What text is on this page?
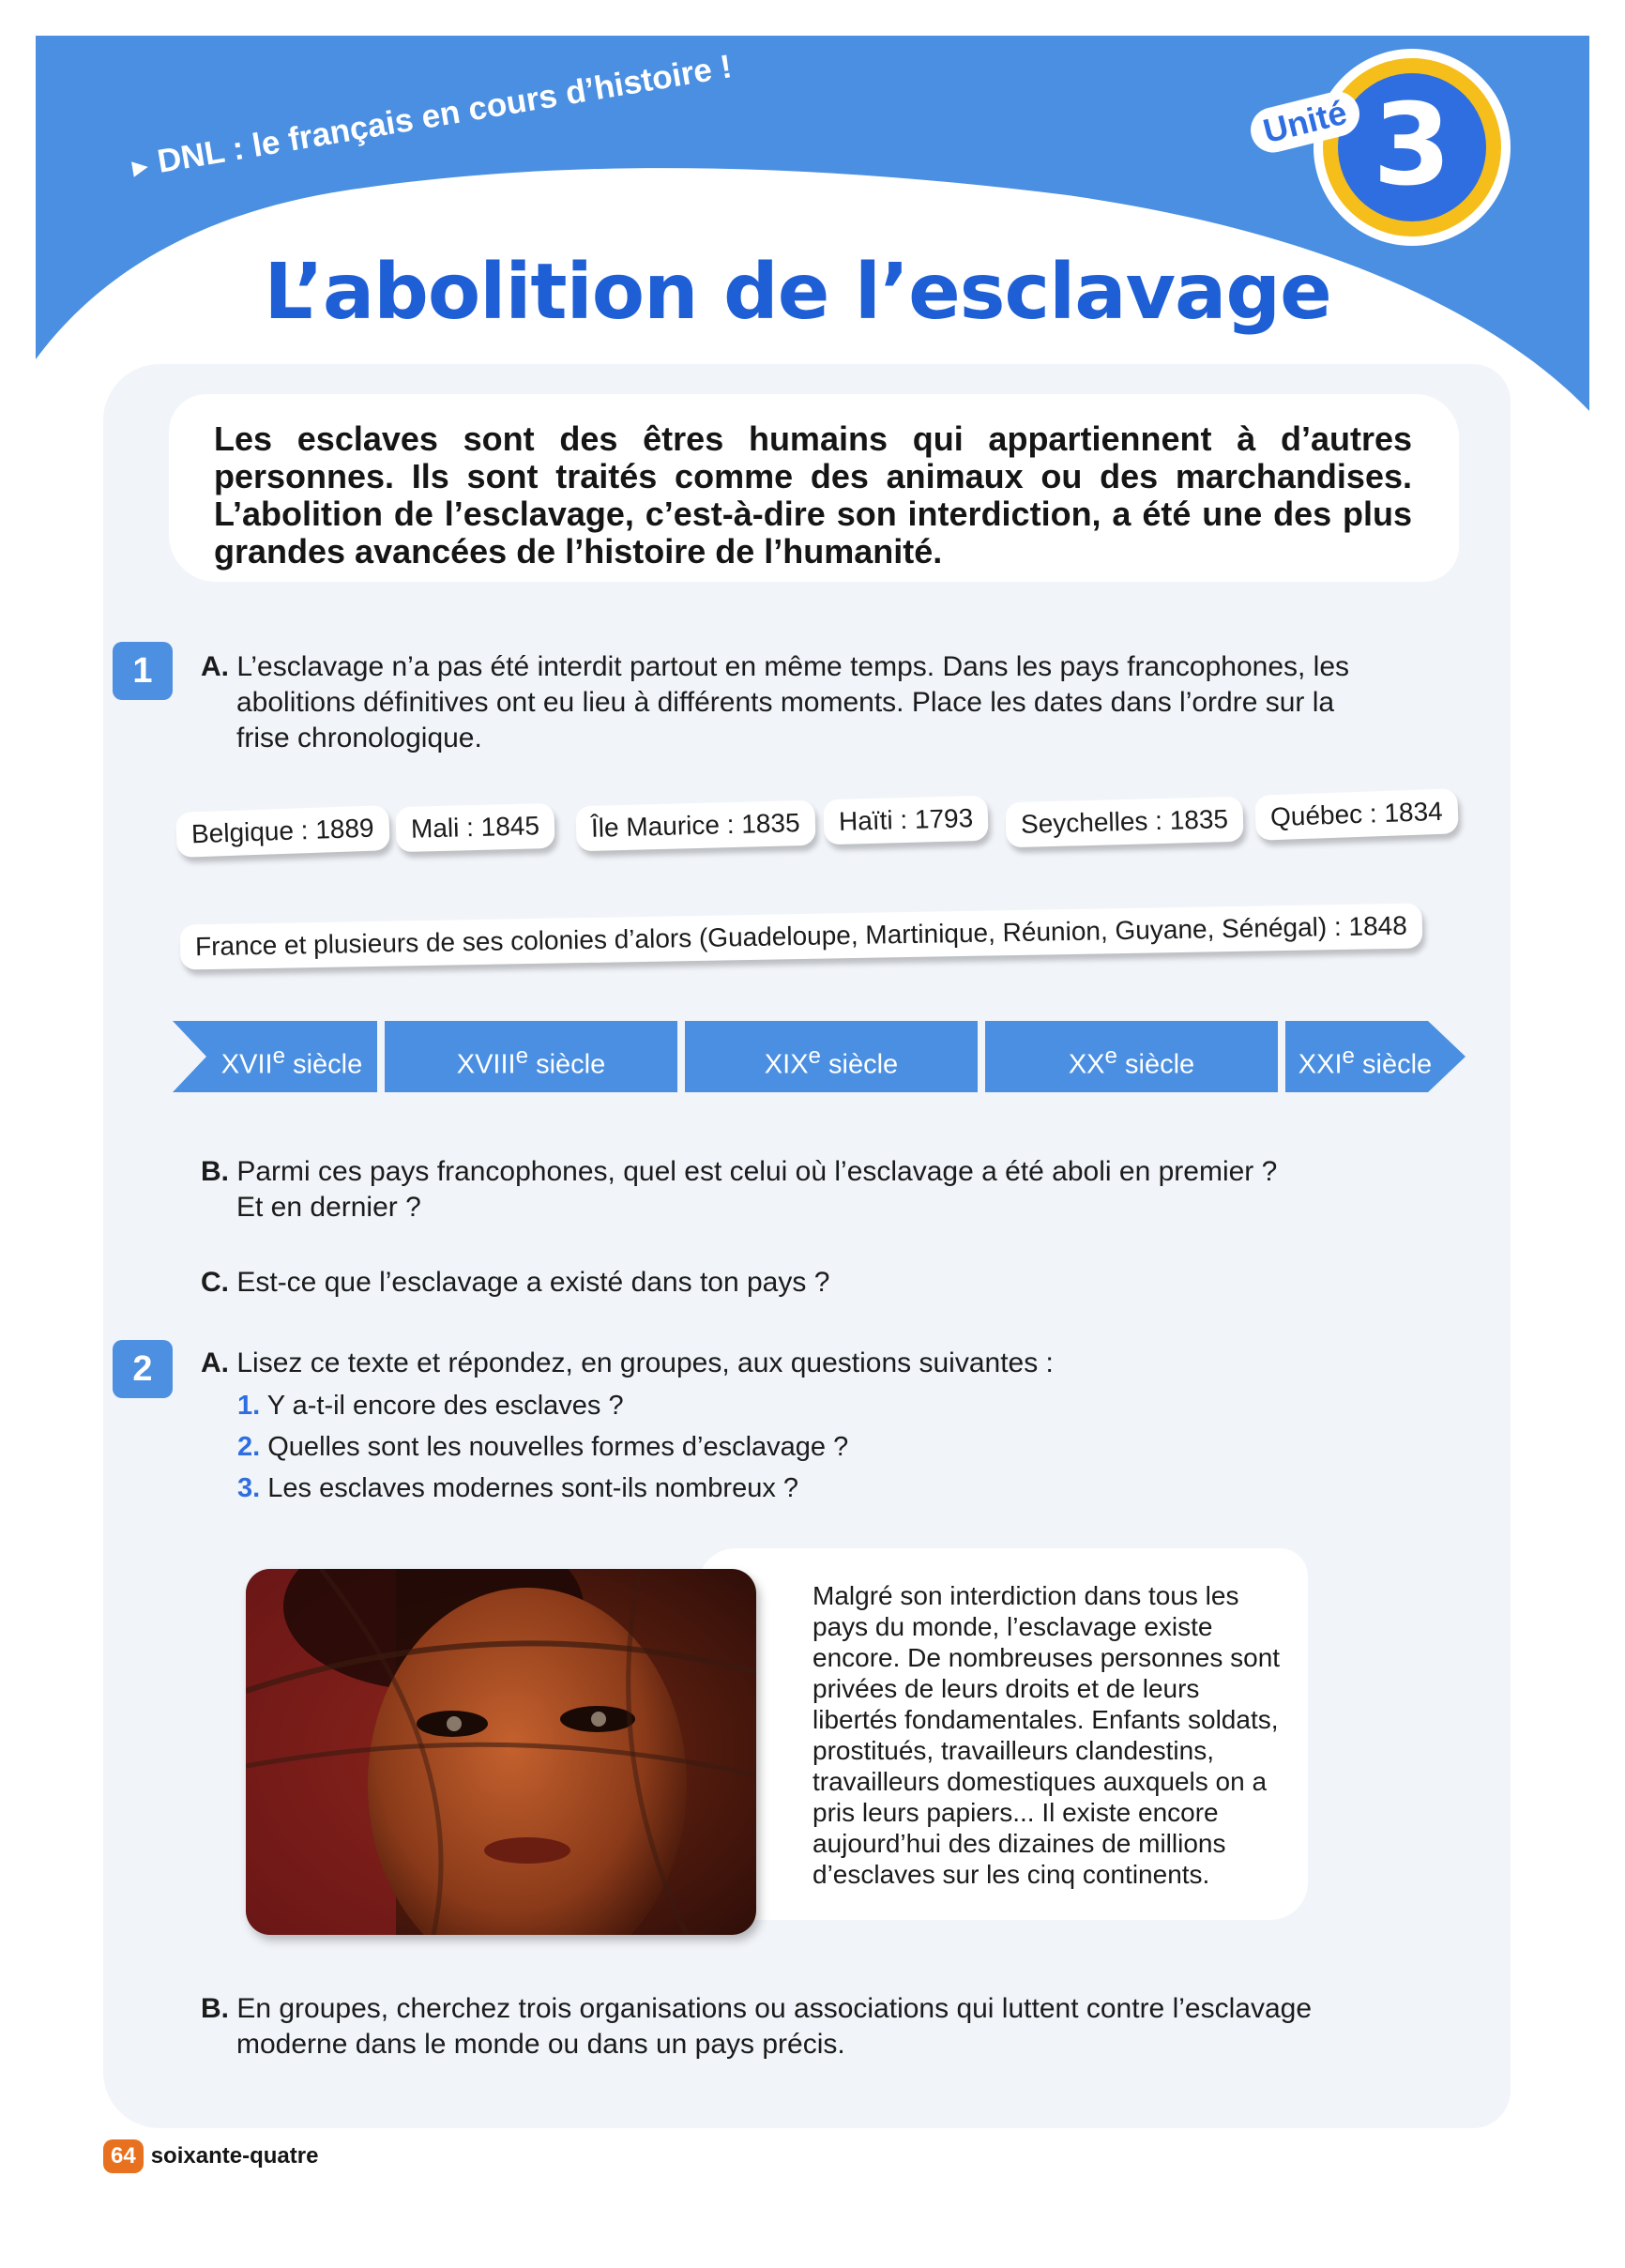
▶ DNL : le français en cours d’histoire !	3
Unité
L’abolition de l’esclavage

Les esclaves sont des êtres humains qui appartiennent à d’autres personnes. Ils sont traités comme des animaux ou des marchandises. L’abolition de l’esclavage, c’est-à-dire son interdiction, a été une des plus grandes avancées de l’histoire de l’humanité.

1	A. L’esclavage n’a pas été interdit partout en même temps. Dans les pays francophones, les
abolitions définitives ont eu lieu à différents moments. Place les dates dans l’ordre sur la
frise chronologique.
Belgique : 1889	Mali : 1845	Île Maurice : 1835	Haïti : 1793	Seychelles : 1835	Québec : 1834
France et plusieurs de ses colonies d’alors (Guadeloupe, Martinique, Réunion, Guyane, Sénégal) : 1848
XVIIe siècle	XVIIIe siècle	XIXe siècle	XXe siècle	XXIe siècle
B. Parmi ces pays francophones, quel est celui où l’esclavage a été aboli en premier ?
Et en dernier ?
C. Est-ce que l’esclavage a existé dans ton pays ?
2	A. Lisez ce texte et répondez, en groupes, aux questions suivantes :
1. Y a-t-il encore des esclaves ?
2. Quelles sont les nouvelles formes d’esclavage ?
3. Les esclaves modernes sont-ils nombreux ?

Malgré son interdiction dans tous les pays du monde, l’esclavage existe encore. De nombreuses personnes sont privées de leurs droits et de leurs libertés fondamentales. Enfants soldats, prostitués, travailleurs clandestins, travailleurs domestiques auxquels on a pris leurs papiers... Il existe encore aujourd’hui des dizaines de millions d’esclaves sur les cinq continents.

B. En groupes, cherchez trois organisations ou associations qui luttent contre l’esclavage
moderne dans le monde ou dans un pays précis.
64 soixante-quatre
